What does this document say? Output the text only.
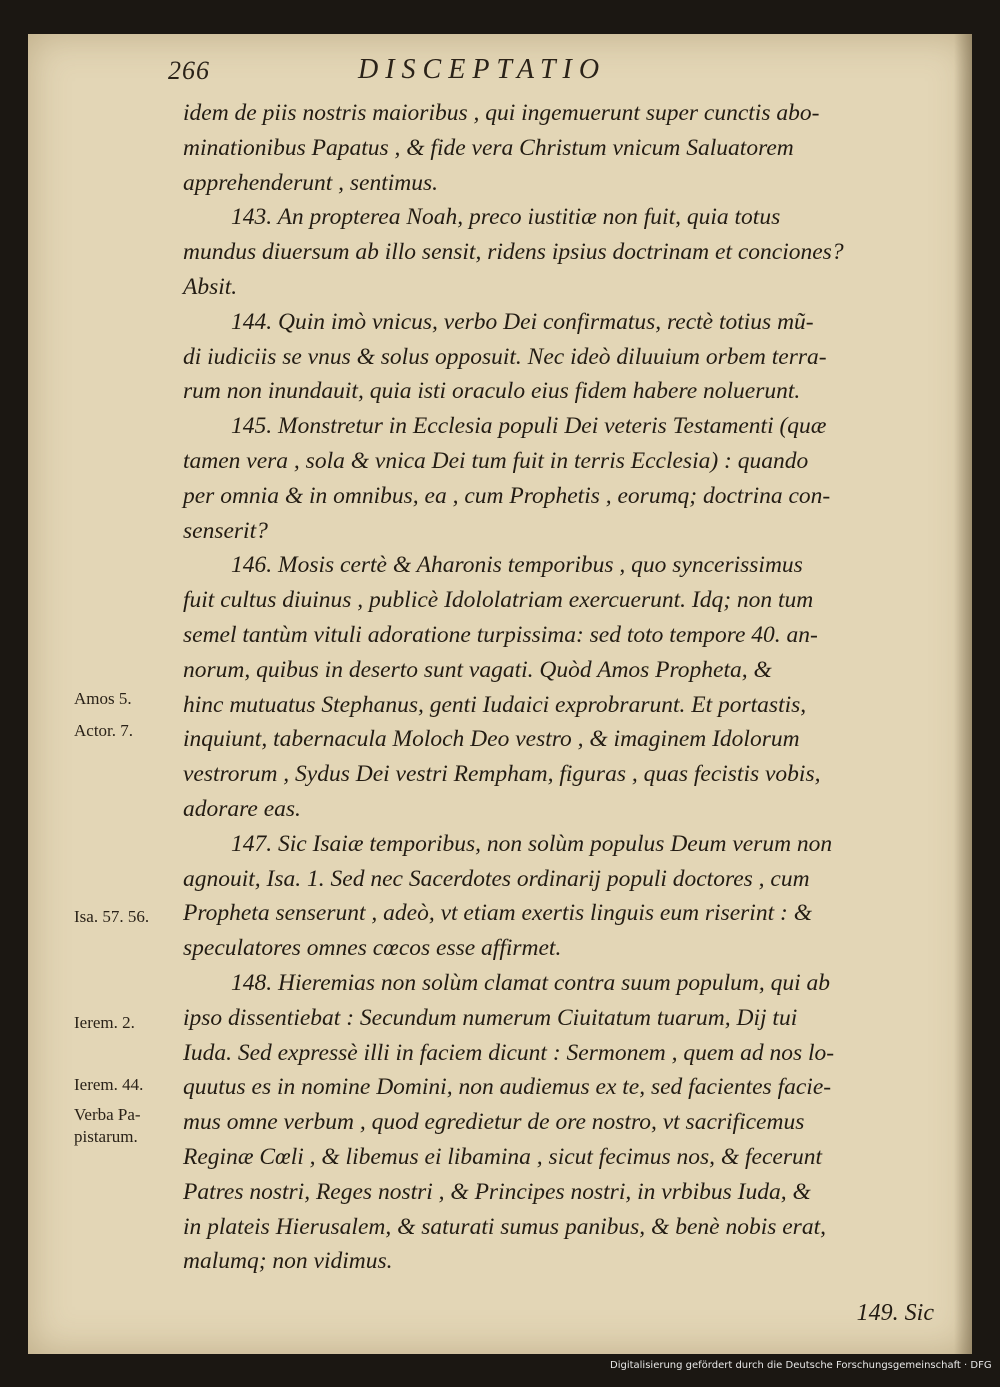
266	DISCEPTATIO
idem de piis nostris maioribus , qui ingemuerunt super cunctis abo-
minationibus Papatus , & fide vera Christum vnicum Saluatorem
apprehenderunt , sentimus.
143. An propterea Noah, preco iustitiæ non fuit, quia totus
mundus diuersum ab illo sensit, ridens ipsius doctrinam et conciones?
Absit.
144. Quin imò vnicus, verbo Dei confirmatus, rectè totius mũ-
di iudiciis se vnus & solus opposuit. Nec ideò diluuium orbem terra-
rum non inundauit, quia isti oraculo eius fidem habere noluerunt.
145. Monstretur in Ecclesia populi Dei veteris Testamenti (quæ
tamen vera , sola & vnica Dei tum fuit in terris Ecclesia) : quando
per omnia & in omnibus, ea , cum Prophetis , eorumq; doctrina con-
senserit?
146. Mosis certè & Aharonis temporibus , quo syncerissimus
fuit cultus diuinus , publicè Idololatriam exercuerunt. Idq; non tum
semel tantùm vituli adoratione turpissima: sed toto tempore 40. an-
norum, quibus in deserto sunt vagati. Quòd Amos Propheta, &
hinc mutuatus Stephanus, genti Iudaici exprobrarunt. Et portastis,
inquiunt, tabernacula Moloch Deo vestro , & imaginem Idolorum
vestrorum , Sydus Dei vestri Rempham, figuras , quas fecistis vobis,
adorare eas.
147. Sic Isaiæ temporibus, non solùm populus Deum verum non
agnouit, Isa. 1. Sed nec Sacerdotes ordinarij populi doctores , cum
Propheta senserunt , adeò, vt etiam exertis linguis eum riserint : &
speculatores omnes cœcos esse affirmet.
148. Hieremias non solùm clamat contra suum populum, qui ab
ipso dissentiebat : Secundum numerum Ciuitatum tuarum, Dij tui
Iuda. Sed expressè illi in faciem dicunt : Sermonem , quem ad nos lo-
quutus es in nomine Domini, non audiemus ex te, sed facientes facie-
mus omne verbum , quod egredietur de ore nostro, vt sacrificemus
Reginæ Cœli , & libemus ei libamina , sicut fecimus nos, & fecerunt
Patres nostri, Reges nostri , & Principes nostri, in vrbibus Iuda, &
in plateis Hierusalem, & saturati sumus panibus, & benè nobis erat,
malumq; non vidimus.
Amos 5.
Actor. 7.
Isa. 57. 56.
Ierem. 2.
Ierem. 44.
Verba Pa-
pistarum.
149. Sic
Digitalisierung gefördert durch die Deutsche Forschungsgemeinschaft · DFG
